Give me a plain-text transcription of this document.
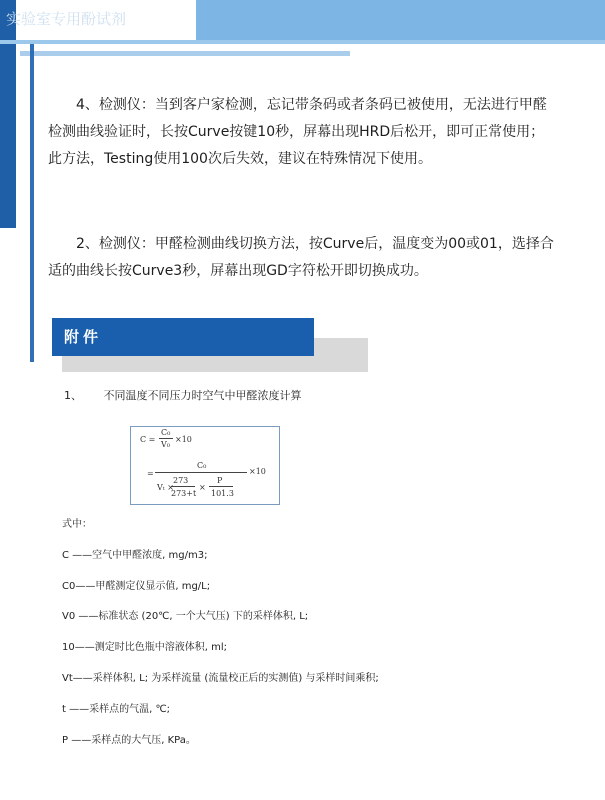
实验室专用酚试剂

4、检测仪：当到客户家检测，忘记带条码或者条码已被使用，无法进行甲醛检测曲线验证时，长按Curve按键10秒，屏幕出现HRD后松开，即可正常使用；此方法，Testing使用100次后失效，建议在特殊情况下使用。

2、检测仪：甲醛检测曲线切换方法，按Curve后，温度变为00或01，选择合适的曲线长按Curve3秒，屏幕出现GD字符松开即切换成功。

附件
1、 不同温度不同压力时空气中甲醛浓度计算
C =
C₀
V₀
×10
=
C₀
×10
Vₜ ×
273
273+t
×
P
101.3
式中：
C ——空气中甲醛浓度, mg/m3;
C0——甲醛测定仪显示值, mg/L;
V0 ——标准状态 (20℃, 一个大气压) 下的采样体积, L;
10——测定时比色瓶中溶液体积, ml;
Vt——采样体积, L; 为采样流量 (流量校正后的实测值) 与采样时间乘积;
t ——采样点的气温, ℃;
P ——采样点的大气压, KPa。
